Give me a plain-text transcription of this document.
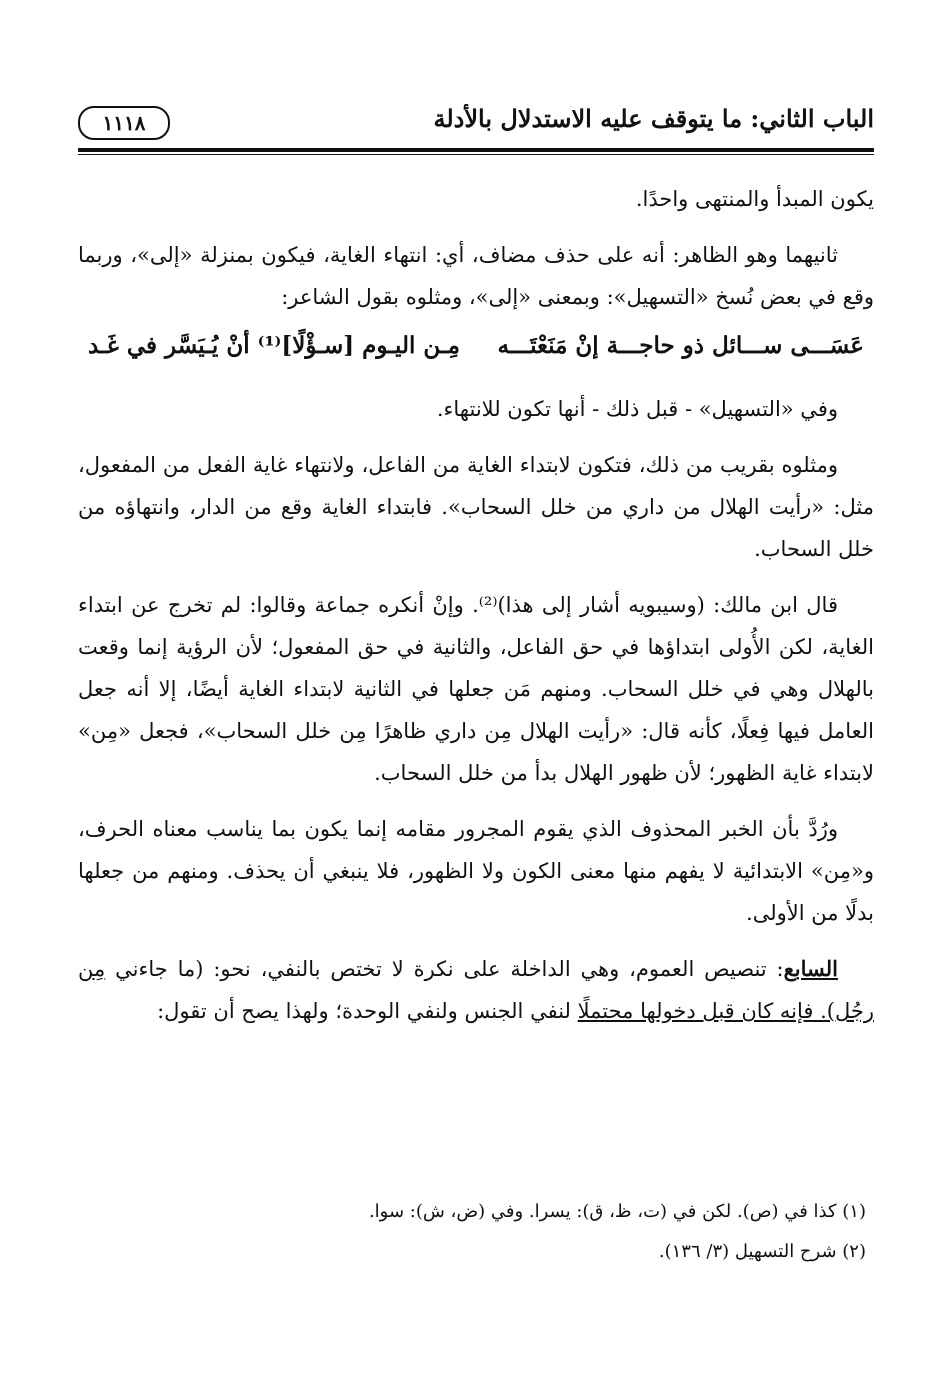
الباب الثاني: ما يتوقف عليه الاستدلال بالأدلة
١١١٨

يكون المبدأ والمنتهى واحدًا.

ثانيهما وهو الظاهر: أنه على حذف مضاف، أي: انتهاء الغاية، فيكون بمنزلة «إلى»، وربما وقع في بعض نُسخ «التسهيل»: وبمعنى «إلى»، ومثلوه بقول الشاعر:

عَسَـــى ســـائل ذو حاجـــة إنْ مَنَعْتَـــه
مِـن اليـوم [سـؤْلًا]⁽¹⁾ أنْ يُـيَسَّر في غَـد

وفي «التسهيل» - قبل ذلك - أنها تكون للانتهاء.

ومثلوه بقريب من ذلك، فتكون لابتداء الغاية من الفاعل، ولانتهاء غاية الفعل من المفعول، مثل: «رأيت الهلال من داري من خلل السحاب». فابتداء الغاية وقع من الدار، وانتهاؤه من خلل السحاب.

قال ابن مالك: (وسيبويه أشار إلى هذا)⁽²⁾. وإنْ أنكره جماعة وقالوا: لم تخرج عن ابتداء الغاية، لكن الأُولى ابتداؤها في حق الفاعل، والثانية في حق المفعول؛ لأن الرؤية إنما وقعت بالهلال وهي في خلل السحاب. ومنهم مَن جعلها في الثانية لابتداء الغاية أيضًا، إلا أنه جعل العامل فيها فِعلًا، كأنه قال: «رأيت الهلال مِن داري ظاهرًا مِن خلل السحاب»، فجعل «مِن» لابتداء غاية الظهور؛ لأن ظهور الهلال بدأ من خلل السحاب.

ورُدَّ بأن الخبر المحذوف الذي يقوم المجرور مقامه إنما يكون بما يناسب معناه الحرف، و«مِن» الابتدائية لا يفهم منها معنى الكون ولا الظهور، فلا ينبغي أن يحذف. ومنهم من جعلها بدلًا من الأولى.

السابع: تنصيص العموم، وهي الداخلة على نكرة لا تختص بالنفي، نحو: (ما جاءني مِن رجُل). فإنه كان قبل دخولها محتملًا لنفي الجنس ولنفي الوحدة؛ ولهذا يصح أن تقول:

(١) كذا في (ص). لكن في (ت، ظ، ق): يسرا. وفي (ض، ش): سوا.

(٢) شرح التسهيل (٣/ ١٣٦).
